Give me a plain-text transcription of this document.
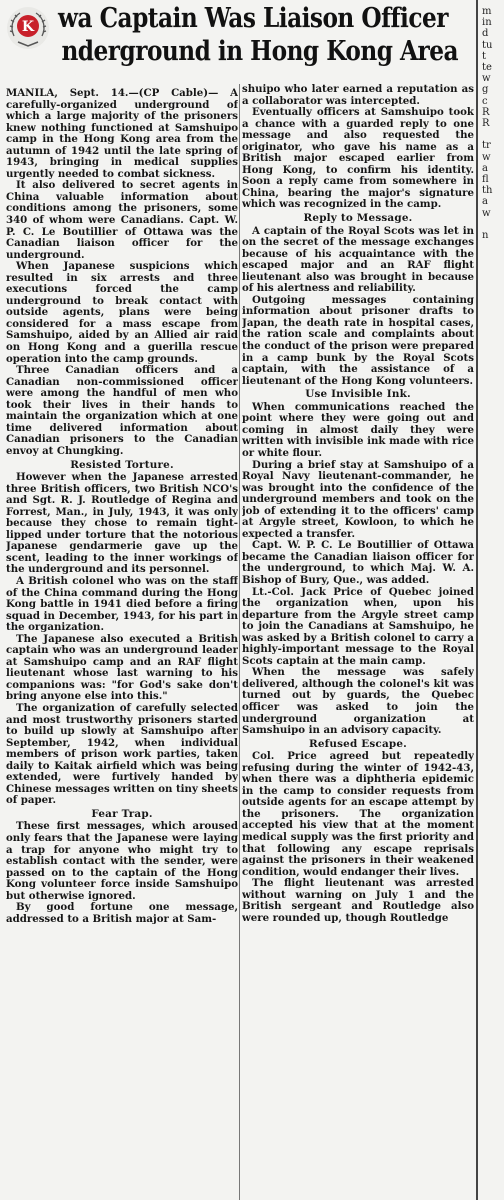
K wa Captain Was Liaison Officer
nderground in Hong Kong Area
m
in
d
tu
t
te
w
g
c
R
R

tr
w
a
fl
th
a
w

n

MANILA, Sept. 14.—(CP Cable)— A carefully-organized underground of which a large majority of the prisoners knew nothing functioned at Samshuipo camp in the Hong Kong area from the autumn of 1942 until the late spring of 1943, bringing in medical supplies urgently needed to combat sickness.

It also delivered to secret agents in China valuable information about conditions among the prisoners, some 340 of whom were Canadians. Capt. W. P. C. Le Boutillier of Ottawa was the Canadian liaison officer for the underground.

When Japanese suspicions which resulted in six arrests and three executions forced the camp underground to break contact with outside agents, plans were being considered for a mass escape from Samshuipo, aided by an Allied air raid on Hong Kong and a guerilla rescue operation into the camp grounds.

Three Canadian officers and a Canadian non-commissioned officer were among the handful of men who took their lives in their hands to maintain the organization which at one time delivered information about Canadian prisoners to the Canadian envoy at Chungking.

Resisted Torture.

However when the Japanese arrested three British officers, two British NCO's and Sgt. R. J. Routledge of Regina and Forrest, Man., in July, 1943, it was only because they chose to remain tight-lipped under torture that the notorious Japanese gendarmerie gave up the scent, leading to the inner workings of the underground and its personnel.

A British colonel who was on the staff of the China command during the Hong Kong battle in 1941 died before a firing squad in December, 1943, for his part in the organization.

The Japanese also executed a British captain who was an underground leader at Samshuipo camp and an RAF flight lieutenant whose last warning to his companions was: "for God's sake don't bring anyone else into this."

The organization of carefully selected and most trustworthy prisoners started to build up slowly at Samshuipo after September, 1942, when individual members of prison work parties, taken daily to Kaitak airfield which was being extended, were furtively handed by Chinese messages written on tiny sheets of paper.

Fear Trap.

These first messages, which aroused only fears that the Japanese were laying a trap for anyone who might try to establish contact with the sender, were passed on to the captain of the Hong Kong volunteer force inside Samshuipo but otherwise ignored.

By good fortune one message, addressed to a British major at Sam-

shuipo who later earned a reputation as a collaborator was intercepted.

Eventually officers at Samshuipo took a chance with a guarded reply to one message and also requested the originator, who gave his name as a British major escaped earlier from Hong Kong, to confirm his identity. Soon a reply came from somewhere in China, bearing the major's signature which was recognized in the camp.

Reply to Message.

A captain of the Royal Scots was let in on the secret of the message exchanges because of his acquaintance with the escaped major and an RAF flight lieutenant also was brought in because of his alertness and reliability.

Outgoing messages containing information about prisoner drafts to Japan, the death rate in hospital cases, the ration scale and complaints about the conduct of the prison were prepared in a camp bunk by the Royal Scots captain, with the assistance of a lieutenant of the Hong Kong volunteers.

Use Invisible Ink.

When communications reached the point where they were going out and coming in almost daily they were written with invisible ink made with rice or white flour.

During a brief stay at Samshuipo of a Royal Navy lieutenant-commander, he was brought into the confidence of the underground members and took on the job of extending it to the officers' camp at Argyle street, Kowloon, to which he expected a transfer.

Capt. W. P. C. Le Boutillier of Ottawa became the Canadian liaison officer for the underground, to which Maj. W. A. Bishop of Bury, Que., was added.

Lt.-Col. Jack Price of Quebec joined the organization when, upon his departure from the Argyle street camp to join the Canadians at Samshuipo, he was asked by a British colonel to carry a highly-important message to the Royal Scots captain at the main camp.

When the message was safely delivered, although the colonel's kit was turned out by guards, the Quebec officer was asked to join the underground organization at Samshuipo in an advisory capacity.

Refused Escape.

Col. Price agreed but repeatedly refusing during the winter of 1942-43, when there was a diphtheria epidemic in the camp to consider requests from outside agents for an escape attempt by the prisoners. The organization accepted his view that at the moment medical supply was the first priority and that following any escape reprisals against the prisoners in their weakened condition, would endanger their lives.

The flight lieutenant was arrested without warning on July 1 and the British sergeant and Routledge also were rounded up, though Routledge
